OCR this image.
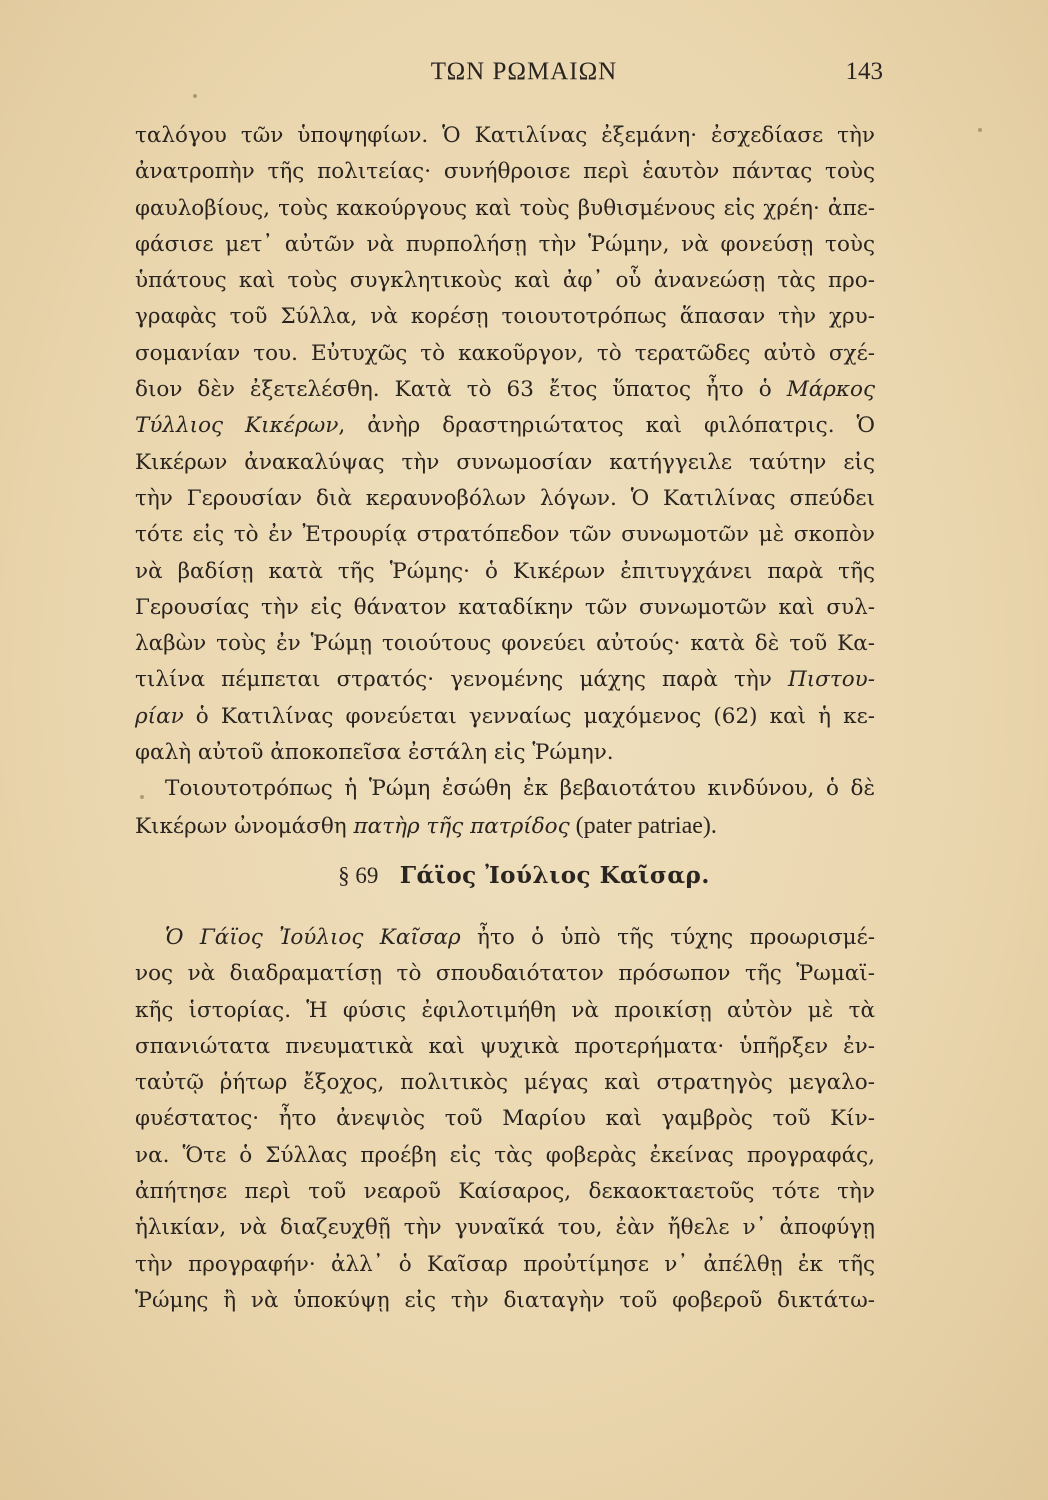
ΤΩΝ ΡΩΜΑΙΩΝ	143
ταλόγου τῶν ὑποψηφίων. Ὁ Κατιλίνας ἐξεμάνη· ἐσχεδίασε τὴν
ἀνατροπὴν τῆς πολιτείας· συνήθροισε περὶ ἑαυτὸν πάντας τοὺς
φαυλοβίους, τοὺς κακούργους καὶ τοὺς βυθισμένους εἰς χρέη· ἀπε-
φάσισε μετ᾽ αὐτῶν νὰ πυρπολήσῃ τὴν Ῥώμην, νὰ φονεύσῃ τοὺς
ὑπάτους καὶ τοὺς συγκλητικοὺς καὶ ἀφ᾽ οὗ ἀνανεώσῃ τὰς προ-
γραφὰς τοῦ Σύλλα, νὰ κορέσῃ τοιουτοτρόπως ἅπασαν τὴν χρυ-
σομανίαν του. Εὐτυχῶς τὸ κακοῦργον, τὸ τερατῶδες αὐτὸ σχέ-
διον δὲν ἐξετελέσθη. Κατὰ τὸ 63 ἔτος ὕπατος ἦτο ὁ Μάρκος
Τύλλιος Κικέρων, ἀνὴρ δραστηριώτατος καὶ φιλόπατρις. Ὁ
Κικέρων ἀνακαλύψας τὴν συνωμοσίαν κατήγγειλε ταύτην εἰς
τὴν Γερουσίαν διὰ κεραυνοβόλων λόγων. Ὁ Κατιλίνας σπεύδει
τότε εἰς τὸ ἐν Ἐτρουρίᾳ στρατόπεδον τῶν συνωμοτῶν μὲ σκοπὸν
νὰ βαδίσῃ κατὰ τῆς Ῥώμης· ὁ Κικέρων ἐπιτυγχάνει παρὰ τῆς
Γερουσίας τὴν εἰς θάνατον καταδίκην τῶν συνωμοτῶν καὶ συλ-
λαβὼν τοὺς ἐν Ῥώμῃ τοιούτους φονεύει αὐτούς· κατὰ δὲ τοῦ Κα-
τιλίνα πέμπεται στρατός· γενομένης μάχης παρὰ τὴν Πιστου-
ρίαν ὁ Κατιλίνας φονεύεται γενναίως μαχόμενος (62) καὶ ἡ κε-
φαλὴ αὐτοῦ ἀποκοπεῖσα ἐστάλη εἰς Ῥώμην.
Τοιουτοτρόπως ἡ Ῥώμη ἐσώθη ἐκ βεβαιοτάτου κινδύνου, ὁ δὲ
Κικέρων ὠνομάσθη πατὴρ τῆς πατρίδος (pater patriae).
§ 69 Γάϊος Ἰούλιος Καῖσαρ.
Ὁ Γάϊος Ἰούλιος Καῖσαρ ἦτο ὁ ὑπὸ τῆς τύχης προωρισμέ-
νος νὰ διαδραματίσῃ τὸ σπουδαιότατον πρόσωπον τῆς Ῥωμαϊ-
κῆς ἱστορίας. Ἡ φύσις ἐφιλοτιμήθη νὰ προικίσῃ αὐτὸν μὲ τὰ
σπανιώτατα πνευματικὰ καὶ ψυχικὰ προτερήματα· ὑπῆρξεν ἐν-
ταὐτῷ ῥήτωρ ἔξοχος, πολιτικὸς μέγας καὶ στρατηγὸς μεγαλο-
φυέστατος· ἦτο ἀνεψιὸς τοῦ Μαρίου καὶ γαμβρὸς τοῦ Κίν-
να. Ὅτε ὁ Σύλλας προέβη εἰς τὰς φοβερὰς ἐκείνας προγραφάς,
ἀπήτησε περὶ τοῦ νεαροῦ Καίσαρος, δεκαοκταετοῦς τότε τὴν
ἡλικίαν, νὰ διαζευχθῇ τὴν γυναῖκά του, ἐὰν ἤθελε ν᾽ ἀποφύγῃ
τὴν προγραφήν· ἀλλ᾽ ὁ Καῖσαρ προὐτίμησε ν᾽ ἀπέλθῃ ἐκ τῆς
Ῥώμης ἢ νὰ ὑποκύψῃ εἰς τὴν διαταγὴν τοῦ φοβεροῦ δικτάτω-
